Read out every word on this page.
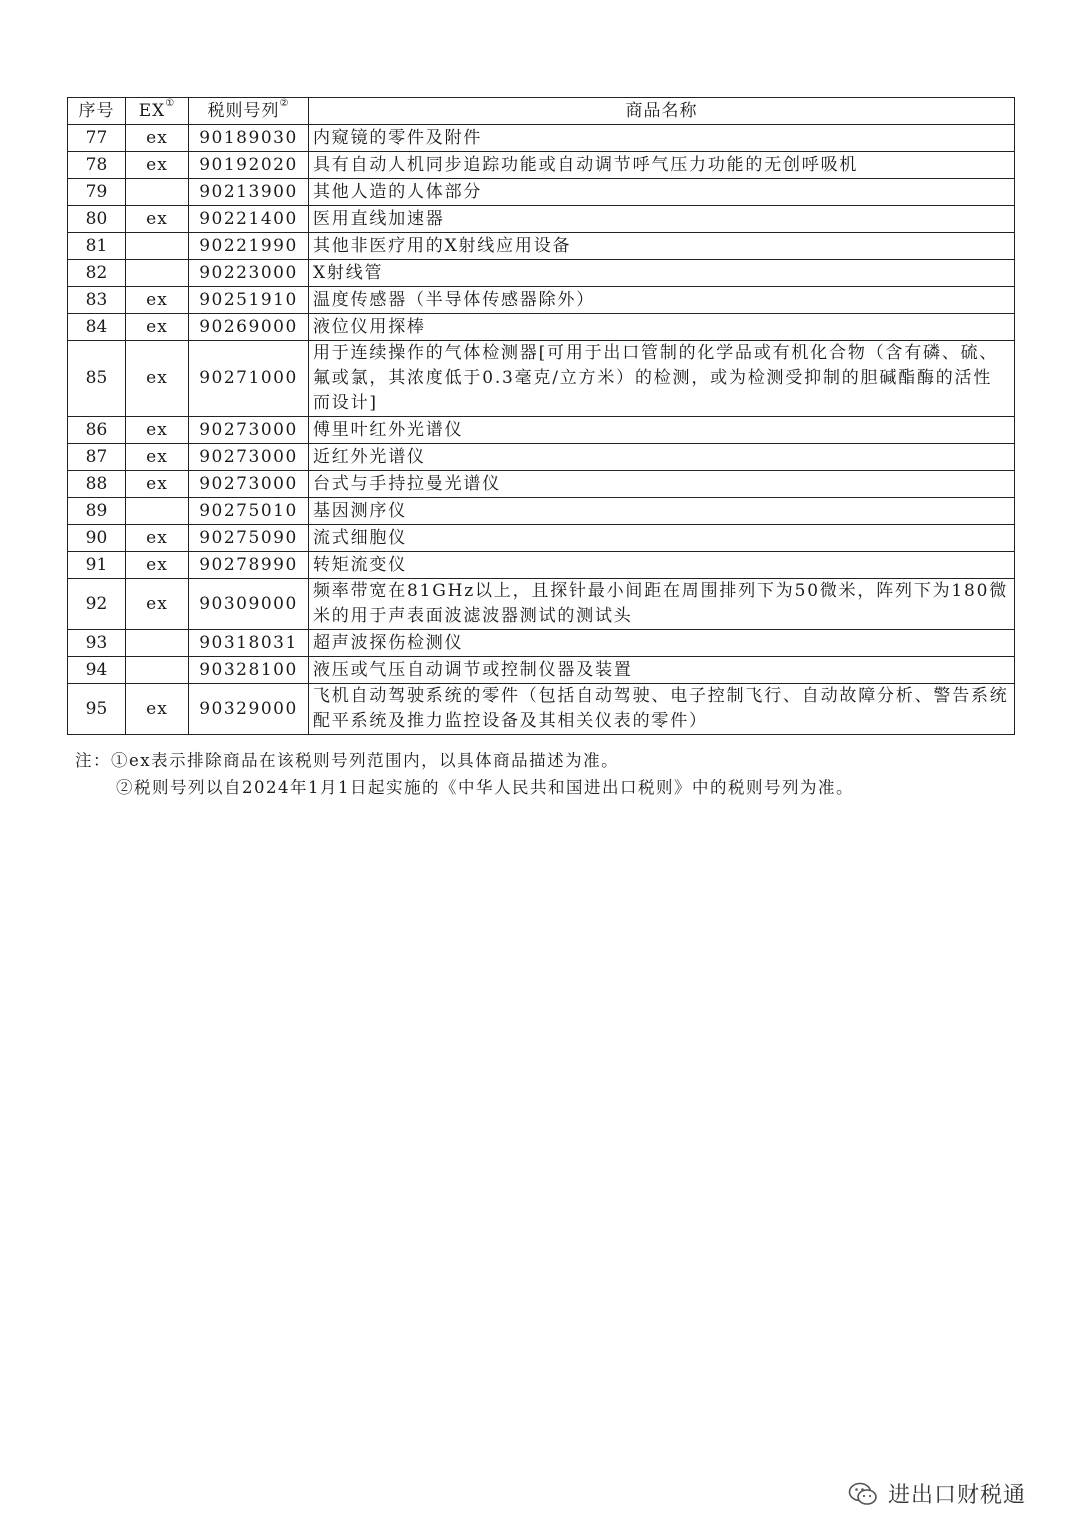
序号	EX①	税则号列②	商品名称
77	ex	90189030	内窥镜的零件及附件
78	ex	90192020	具有自动人机同步追踪功能或自动调节呼气压力功能的无创呼吸机
79		90213900	其他人造的人体部分
80	ex	90221400	医用直线加速器
81		90221990	其他非医疗用的X射线应用设备
82		90223000	X射线管
83	ex	90251910	温度传感器（半导体传感器除外）
84	ex	90269000	液位仪用探棒
85	ex	90271000	用于连续操作的气体检测器[可用于出口管制的化学品或有机化合物（含有磷、硫、氟或氯，其浓度低于0.3毫克/立方米）的检测，或为检测受抑制的胆碱酯酶的活性而设计]
86	ex	90273000	傅里叶红外光谱仪
87	ex	90273000	近红外光谱仪
88	ex	90273000	台式与手持拉曼光谱仪
89		90275010	基因测序仪
90	ex	90275090	流式细胞仪
91	ex	90278990	转矩流变仪
92	ex	90309000	频率带宽在81GHz以上，且探针最小间距在周围排列下为50微米，阵列下为180微米的用于声表面波滤波器测试的测试头
93		90318031	超声波探伤检测仪
94		90328100	液压或气压自动调节或控制仪器及装置
95	ex	90329000	飞机自动驾驶系统的零件（包括自动驾驶、电子控制飞行、自动故障分析、警告系统配平系统及推力监控设备及其相关仪表的零件）
注：①ex表示排除商品在该税则号列范围内，以具体商品描述为准。
②税则号列以自2024年1月1日起实施的《中华人民共和国进出口税则》中的税则号列为准。
进出口财税通
